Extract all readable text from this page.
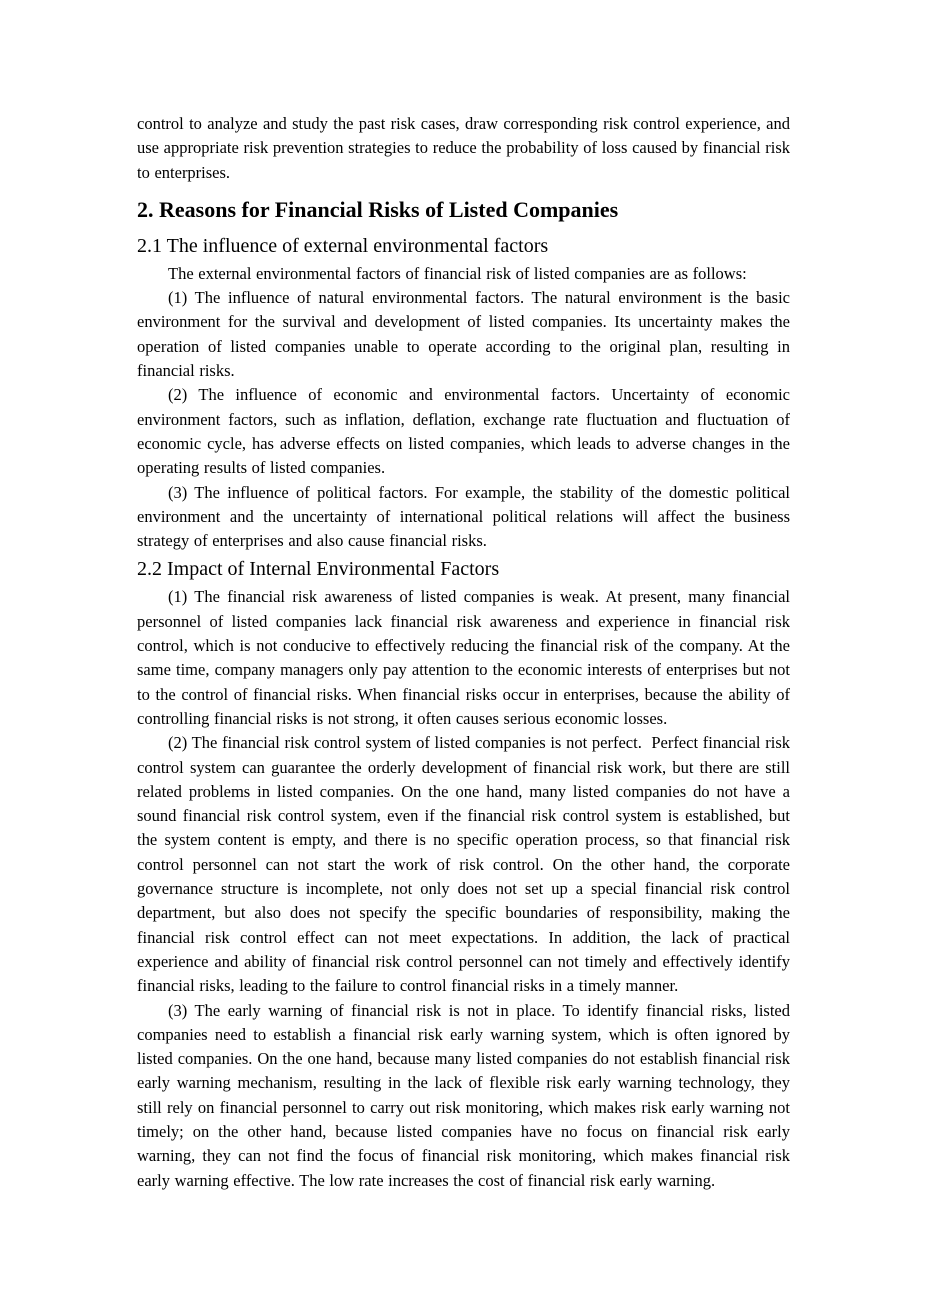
control to analyze and study the past risk cases, draw corresponding risk control experience, and use appropriate risk prevention strategies to reduce the probability of loss caused by financial risk to enterprises.

2. Reasons for Financial Risks of Listed Companies
2.1 The influence of external environmental factors

The external environmental factors of financial risk of listed companies are as follows:

(1) The influence of natural environmental factors. The natural environment is the basic environment for the survival and development of listed companies. Its uncertainty makes the operation of listed companies unable to operate according to the original plan, resulting in financial risks.

(2) The influence of economic and environmental factors. Uncertainty of economic environment factors, such as inflation, deflation, exchange rate fluctuation and fluctuation of economic cycle, has adverse effects on listed companies, which leads to adverse changes in the operating results of listed companies.

(3) The influence of political factors. For example, the stability of the domestic political environment and the uncertainty of international political relations will affect the business strategy of enterprises and also cause financial risks.

2.2 Impact of Internal Environmental Factors

(1) The financial risk awareness of listed companies is weak. At present, many financial personnel of listed companies lack financial risk awareness and experience in financial risk control, which is not conducive to effectively reducing the financial risk of the company. At the same time, company managers only pay attention to the economic interests of enterprises but not to the control of financial risks. When financial risks occur in enterprises, because the ability of controlling financial risks is not strong, it often causes serious economic losses.

(2) The financial risk control system of listed companies is not perfect.  Perfect financial risk control system can guarantee the orderly development of financial risk work, but there are still related problems in listed companies. On the one hand, many listed companies do not have a sound financial risk control system, even if the financial risk control system is established, but the system content is empty, and there is no specific operation process, so that financial risk control personnel can not start the work of risk control. On the other hand, the corporate governance structure is incomplete, not only does not set up a special financial risk control department, but also does not specify the specific boundaries of responsibility, making the financial risk control effect can not meet expectations. In addition, the lack of practical experience and ability of financial risk control personnel can not timely and effectively identify financial risks, leading to the failure to control financial risks in a timely manner.

(3) The early warning of financial risk is not in place. To identify financial risks, listed companies need to establish a financial risk early warning system, which is often ignored by listed companies. On the one hand, because many listed companies do not establish financial risk early warning mechanism, resulting in the lack of flexible risk early warning technology, they still rely on financial personnel to carry out risk monitoring, which makes risk early warning not timely; on the other hand, because listed companies have no focus on financial risk early warning, they can not find the focus of financial risk monitoring, which makes financial risk early warning effective. The low rate increases the cost of financial risk early warning.
